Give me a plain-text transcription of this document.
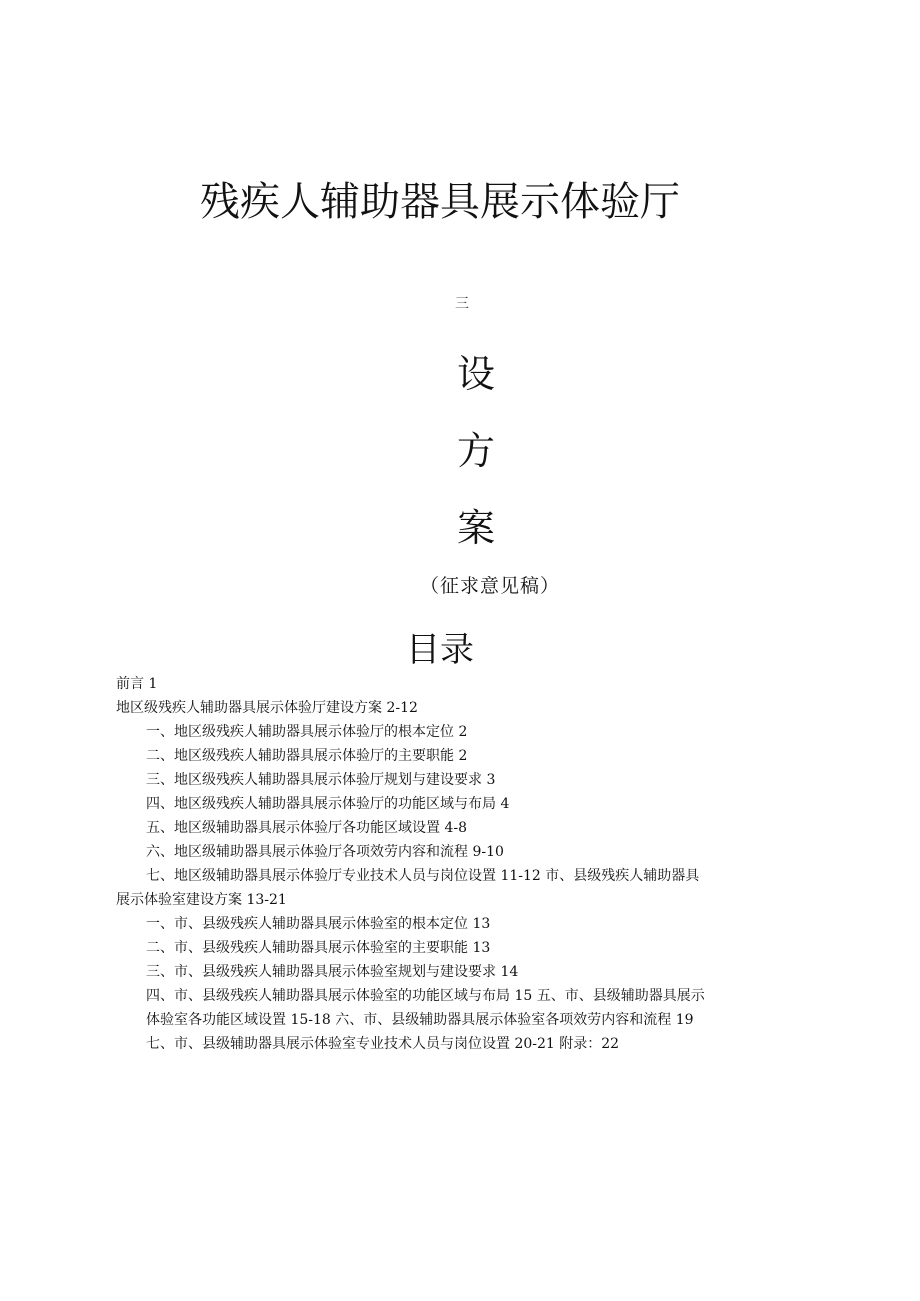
残疾人辅助器具展示体验厅
三
设
方
案
（征求意见稿）
目录
前言 1
地区级残疾人辅助器具展示体验厅建设方案 2-12
一、地区级残疾人辅助器具展示体验厅的根本定位 2
二、地区级残疾人辅助器具展示体验厅的主要职能 2
三、地区级残疾人辅助器具展示体验厅规划与建设要求 3
四、地区级残疾人辅助器具展示体验厅的功能区域与布局 4
五、地区级辅助器具展示体验厅各功能区域设置 4-8
六、地区级辅助器具展示体验厅各项效劳内容和流程 9-10
七、地区级辅助器具展示体验厅专业技术人员与岗位设置 11-12 市、县级残疾人辅助器具
展示体验室建设方案 13-21
一、市、县级残疾人辅助器具展示体验室的根本定位 13
二、市、县级残疾人辅助器具展示体验室的主要职能 13
三、市、县级残疾人辅助器具展示体验室规划与建设要求 14
四、市、县级残疾人辅助器具展示体验室的功能区域与布局 15 五、市、县级辅助器具展示
体验室各功能区域设置 15-18 六、市、县级辅助器具展示体验室各项效劳内容和流程 19
七、市、县级辅助器具展示体验室专业技术人员与岗位设置 20-21 附录：22
